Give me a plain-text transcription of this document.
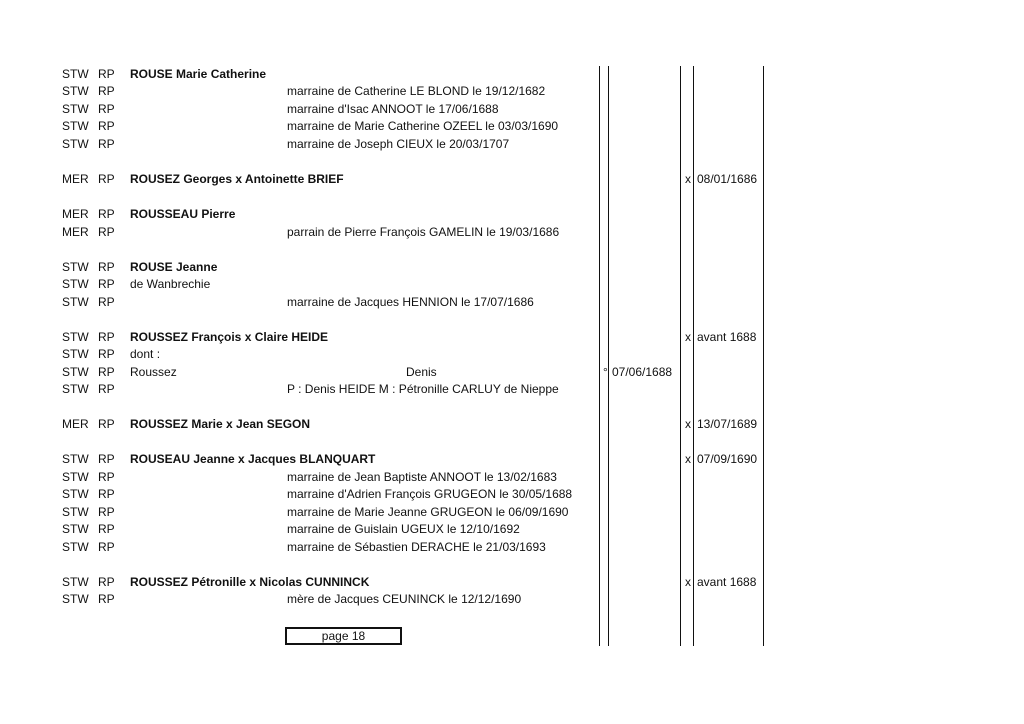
STW RP ROUSE Marie Catherine
STW RP	marraine de Catherine LE BLOND le 19/12/1682
STW RP	marraine d'Isac ANNOOT le 17/06/1688
STW RP	marraine de Marie Catherine OZEEL le 03/03/1690
STW RP	marraine de Joseph CIEUX le 20/03/1707
MER RP ROUSEZ Georges x Antoinette BRIEF	x 08/01/1686
MER RP ROUSSEAU Pierre
MER RP	parrain de Pierre François GAMELIN le 19/03/1686
STW RP ROUSE Jeanne
STW RP de Wanbrechie
STW RP	marraine de Jacques HENNION le 17/07/1686
STW RP ROUSSEZ François x Claire HEIDE	x avant 1688
STW RP dont :
STW RP Roussez	Denis	° 07/06/1688
STW RP	P : Denis HEIDE M : Pétronille CARLUY de Nieppe
MER RP ROUSSEZ Marie x Jean SEGON	x 13/07/1689
STW RP ROUSEAU Jeanne x Jacques BLANQUART	x 07/09/1690
STW RP	marraine de Jean Baptiste ANNOOT le 13/02/1683
STW RP	marraine d'Adrien François GRUGEON le 30/05/1688
STW RP	marraine de Marie Jeanne GRUGEON le 06/09/1690
STW RP	marraine de Guislain UGEUX le 12/10/1692
STW RP	marraine de Sébastien DERACHE le 21/03/1693
STW RP ROUSSEZ Pétronille x Nicolas CUNNINCK	x avant 1688
STW RP	mère de Jacques CEUNINCK le 12/12/1690
page 18
